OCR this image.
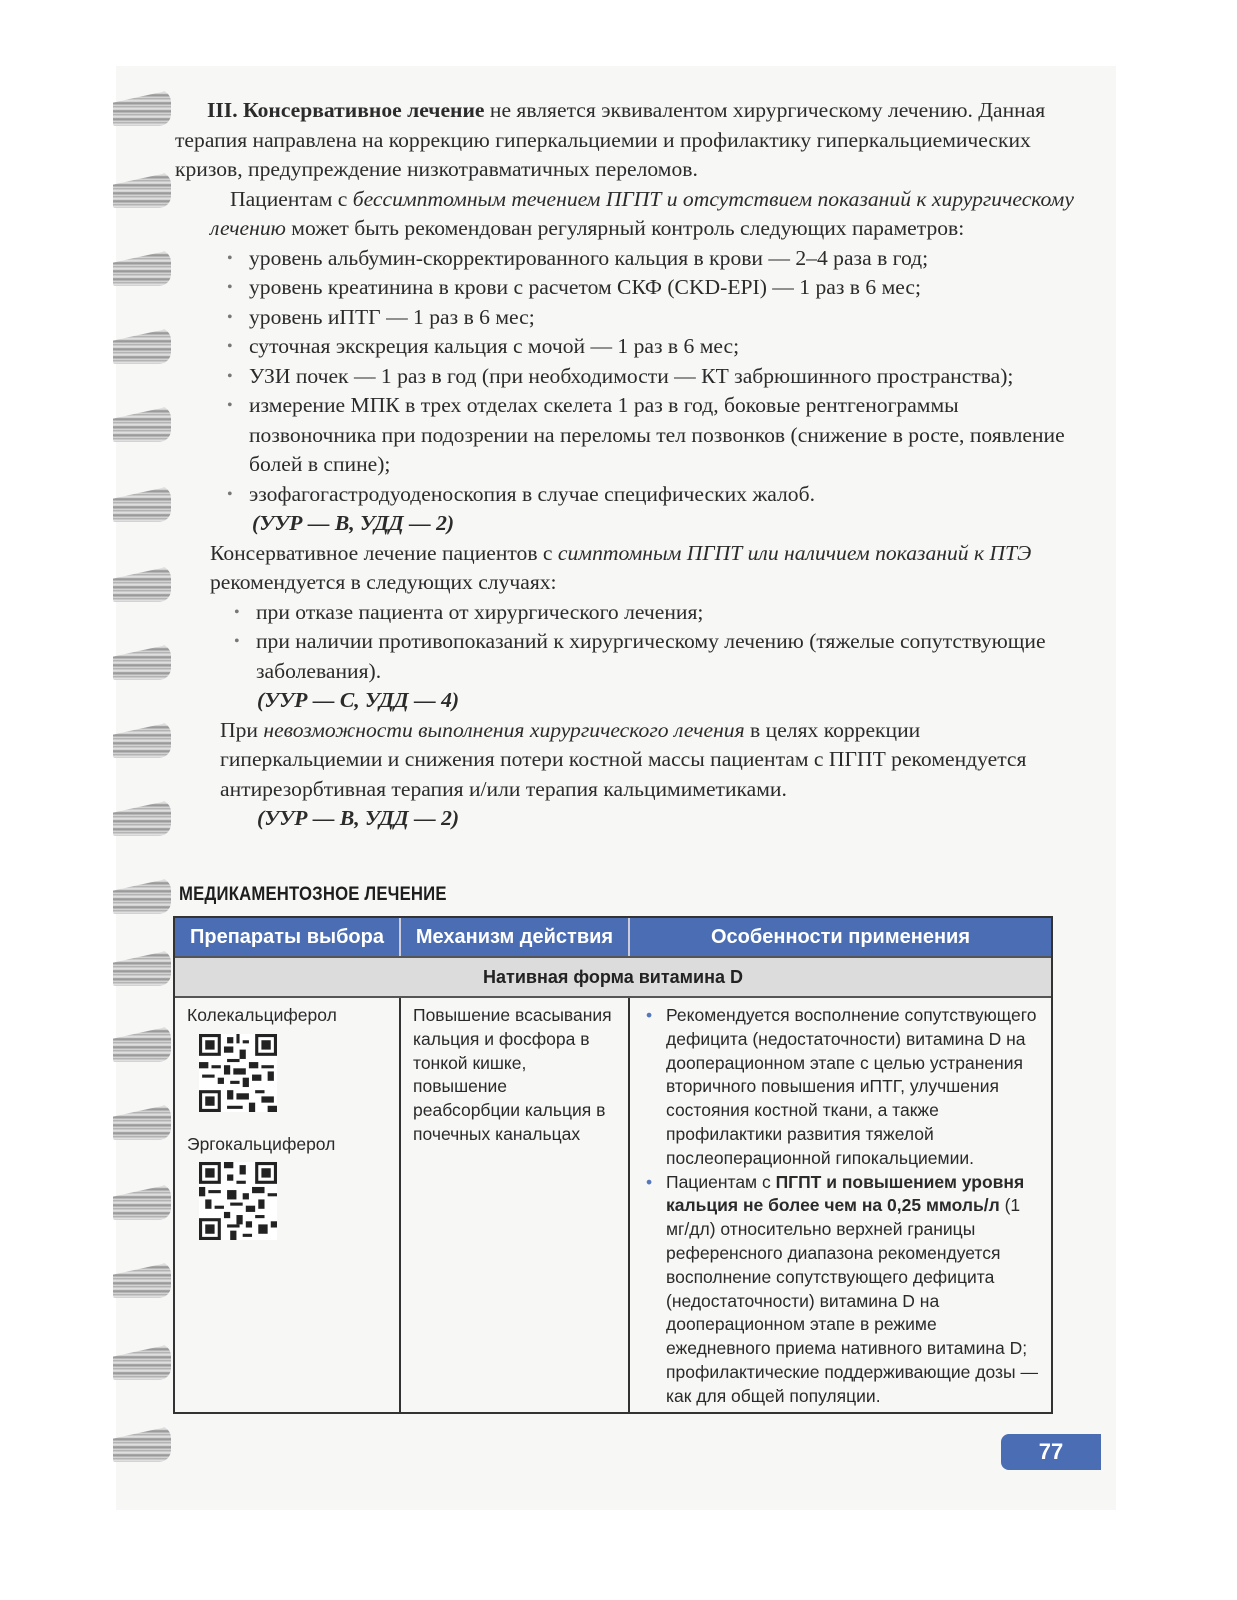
III. Консервативное лечение не является эквивалентом хирургическому лечению. Данная терапия направлена на коррекцию гиперкальциемии и профилактику гиперкальциемических кризов, предупреждение низкотравматичных переломов.

Пациентам с бессимптомным течением ПГПТ и отсутствием показаний к хирургическому лечению может быть рекомендован регулярный контроль следующих параметров:

• уровень альбумин-скорректированного кальция в крови — 2–4 раза в год;
• уровень креатинина в крови с расчетом СКФ (CKD-EPI) — 1 раз в 6 мес;
• уровень иПТГ — 1 раз в 6 мес;
• суточная экскреция кальция с мочой — 1 раз в 6 мес;
• УЗИ почек — 1 раз в год (при необходимости — КТ забрюшинного пространства);
• измерение МПК в трех отделах скелета 1 раз в год, боковые рентгенограммы позвоночника при подозрении на переломы тел позвонков (снижение в росте, появление болей в спине);
• эзофагогастродуоденоскопия в случае специфических жалоб.

(УУР — В, УДД — 2)

Консервативное лечение пациентов с симптомным ПГПТ или наличием показаний к ПТЭ рекомендуется в следующих случаях:

• при отказе пациента от хирургического лечения;
• при наличии противопоказаний к хирургическому лечению (тяжелые сопутствующие заболевания).

(УУР — С, УДД — 4)

При невозможности выполнения хирургического лечения в целях коррекции гиперкальциемии и снижения потери костной массы пациентам с ПГПТ рекомендуется антирезорбтивная терапия и/или терапия кальцимиметиками.

(УУР — В, УДД — 2)

МЕДИКАМЕНТОЗНОЕ ЛЕЧЕНИЕ
Препараты выбора	Механизм действия	Особенности применения
Нативная форма витамина D
Колекальциферол
Эргокальциферол
Повышение всасывания кальция и фосфора в тонкой кишке, повышение реабсорбции кальция в почечных канальцах
• Рекомендуется восполнение сопутствующего дефицита (недостаточности) витамина D на дооперационном этапе с целью устранения вторичного повышения иПТГ, улучшения состояния костной ткани, а также профилактики развития тяжелой послеоперационной гипокальциемии.
• Пациентам с ПГПТ и повышением уровня кальция не более чем на 0,25 ммоль/л (1 мг/дл) относительно верхней границы референсного диапазона рекомендуется восполнение сопутствующего дефицита (недостаточности) витамина D на дооперационном этапе в режиме ежедневного приема нативного витамина D; профилактические поддерживающие дозы — как для общей популяции.
77
